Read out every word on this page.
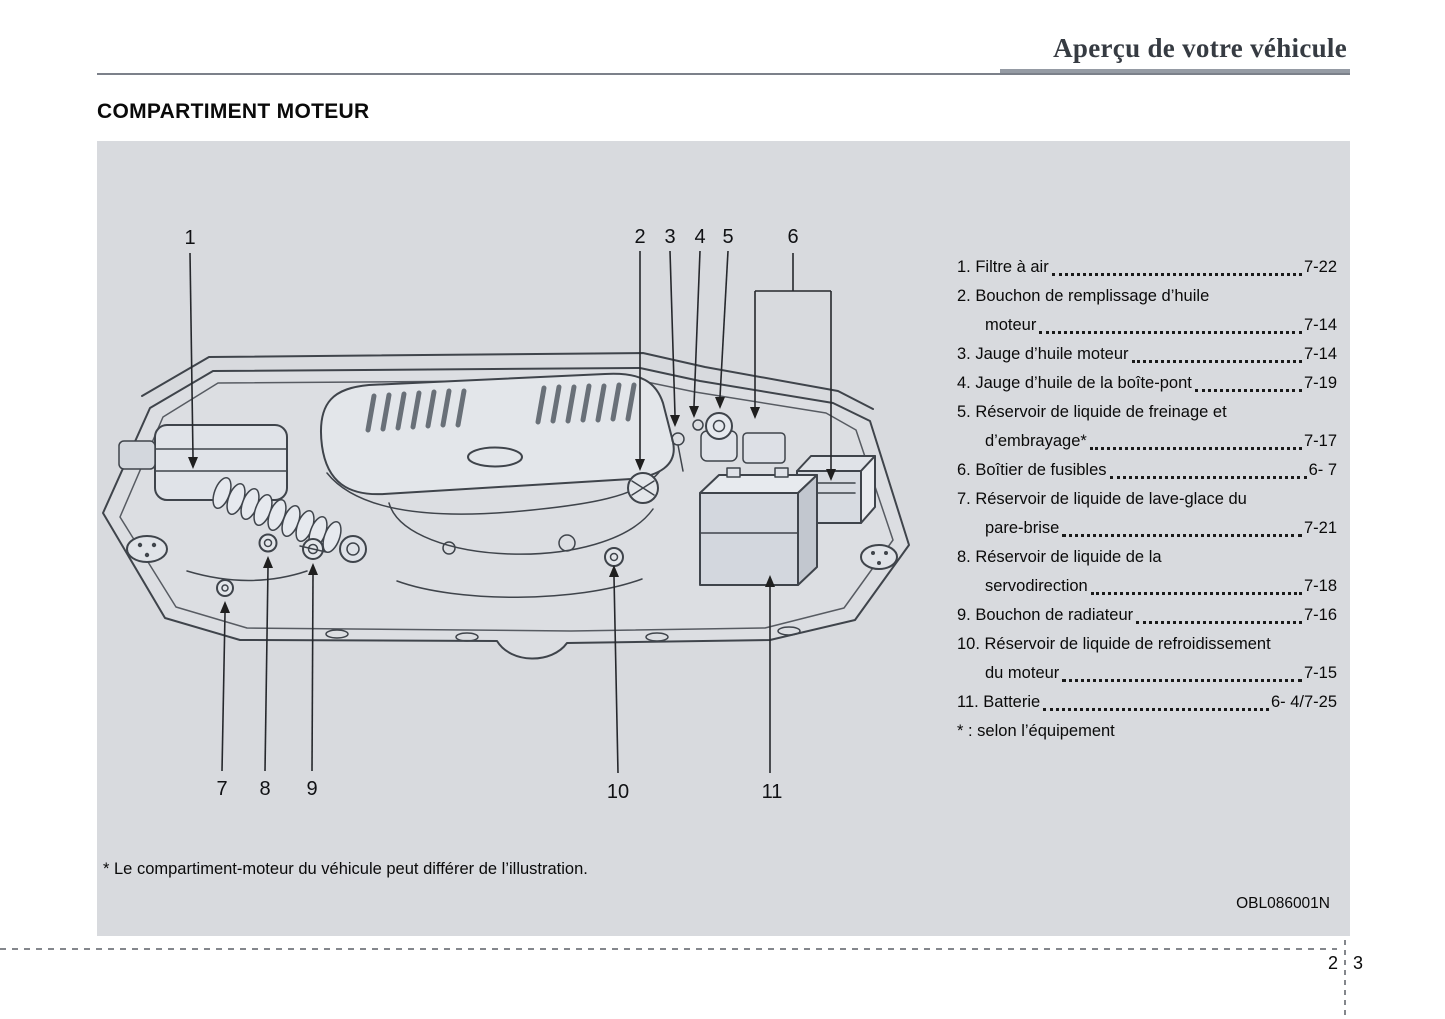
Aperçu de votre véhicule
COMPARTIMENT MOTEUR
1	2 3 4 5	6
7 8 9	10	11
1. Filtre à air	7-22
2. Bouchon de remplissage d’huile
moteur	7-14
3. Jauge d’huile moteur	7-14
4. Jauge d’huile de la boîte-pont	7-19
5. Réservoir de liquide de freinage et
d’embrayage*	7-17
6. Boîtier de fusibles	6- 7
7. Réservoir de liquide de lave-glace du
pare-brise	7-21
8. Réservoir de liquide de la
servodirection	7-18
9. Bouchon de radiateur	7-16
10. Réservoir de liquide de refroidissement
du moteur	7-15
11. Batterie	6- 4/7-25
* : selon l’équipement
* Le compartiment-moteur du véhicule peut différer de l’illustration.
OBL086001N
2 3
